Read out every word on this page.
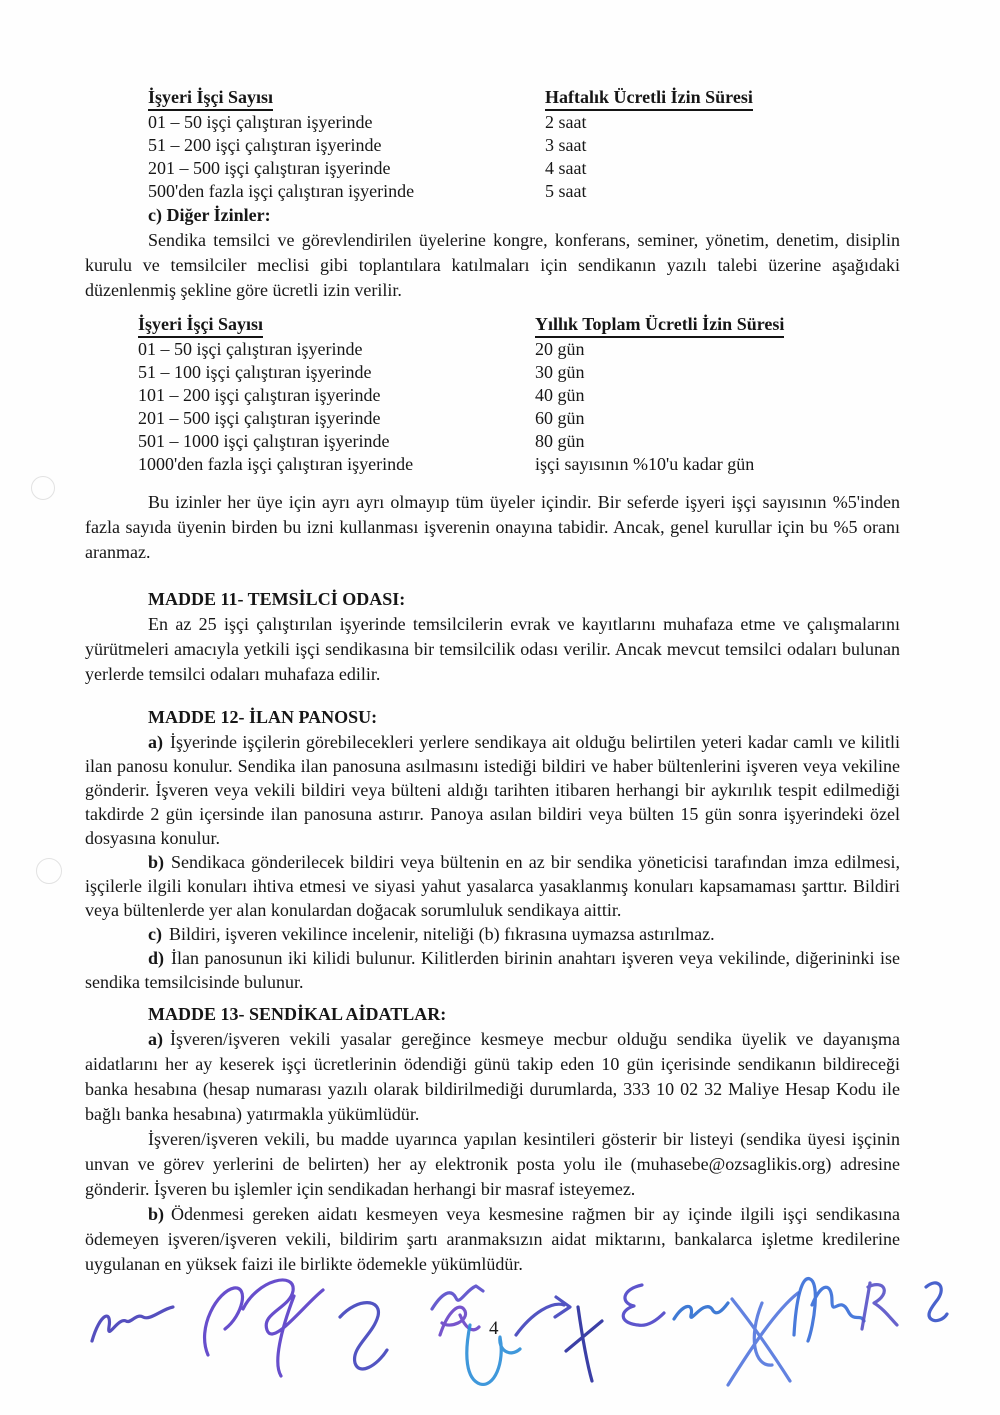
İşyeri İşçi Sayısı	Haftalık Ücretli İzin Süresi
01 – 50 işçi çalıştıran işyerinde	2 saat
51 – 200 işçi çalıştıran işyerinde	3 saat
201 – 500 işçi çalıştıran işyerinde	4 saat
500'den fazla işçi çalıştıran işyerinde	5 saat

c) Diğer İzinler:

Sendika temsilci ve görevlendirilen üyelerine kongre, konferans, seminer, yönetim, denetim, disiplin kurulu ve temsilciler meclisi gibi toplantılara katılmaları için sendikanın yazılı talebi üzerine aşağıdaki düzenlenmiş şekline göre ücretli izin verilir.

İşyeri İşçi Sayısı	Yıllık Toplam Ücretli İzin Süresi
01 – 50 işçi çalıştıran işyerinde	20 gün
51 – 100 işçi çalıştıran işyerinde	30 gün
101 – 200 işçi çalıştıran işyerinde	40 gün
201 – 500 işçi çalıştıran işyerinde	60 gün
501 – 1000 işçi çalıştıran işyerinde	80 gün
1000'den fazla işçi çalıştıran işyerinde	işçi sayısının %10'u kadar gün

Bu izinler her üye için ayrı ayrı olmayıp tüm üyeler içindir. Bir seferde işyeri işçi sayısının %5'inden fazla sayıda üyenin birden bu izni kullanması işverenin onayına tabidir. Ancak, genel kurullar için bu %5 oranı aranmaz.

MADDE 11- TEMSİLCİ ODASI:

En az 25 işçi çalıştırılan işyerinde temsilcilerin evrak ve kayıtlarını muhafaza etme ve çalışmalarını yürütmeleri amacıyla yetkili işçi sendikasına bir temsilcilik odası verilir. Ancak mevcut temsilci odaları bulunan yerlerde temsilci odaları muhafaza edilir.

MADDE 12- İLAN PANOSU:

a) İşyerinde işçilerin görebilecekleri yerlere sendikaya ait olduğu belirtilen yeteri kadar camlı ve kilitli ilan panosu konulur. Sendika ilan panosuna asılmasını istediği bildiri ve haber bültenlerini işveren veya vekiline gönderir. İşveren veya vekili bildiri veya bülteni aldığı tarihten itibaren herhangi bir aykırılık tespit edilmediği takdirde 2 gün içersinde ilan panosuna astırır. Panoya asılan bildiri veya bülten 15 gün sonra işyerindeki özel dosyasına konulur.

b) Sendikaca gönderilecek bildiri veya bültenin en az bir sendika yöneticisi tarafından imza edilmesi, işçilerle ilgili konuları ihtiva etmesi ve siyasi yahut yasalarca yasaklanmış konuları kapsamaması şarttır. Bildiri veya bültenlerde yer alan konulardan doğacak sorumluluk sendikaya aittir.

c) Bildiri, işveren vekilince incelenir, niteliği (b) fıkrasına uymazsa astırılmaz.

d) İlan panosunun iki kilidi bulunur. Kilitlerden birinin anahtarı işveren veya vekilinde, diğerininki ise sendika temsilcisinde bulunur.

MADDE 13- SENDİKAL AİDATLAR:

a) İşveren/işveren vekili yasalar gereğince kesmeye mecbur olduğu sendika üyelik ve dayanışma aidatlarını her ay keserek işçi ücretlerinin ödendiği günü takip eden 10 gün içerisinde sendikanın bildireceği banka hesabına (hesap numarası yazılı olarak bildirilmediği durumlarda, 333 10 02 32 Maliye Hesap Kodu ile bağlı banka hesabına) yatırmakla yükümlüdür.

İşveren/işveren vekili, bu madde uyarınca yapılan kesintileri gösterir bir listeyi (sendika üyesi işçinin unvan ve görev yerlerini de belirten) her ay elektronik posta yolu ile (muhasebe@ozsaglikis.org) adresine gönderir. İşveren bu işlemler için sendikadan herhangi bir masraf isteyemez.

b) Ödenmesi gereken aidatı kesmeyen veya kesmesine rağmen bir ay içinde ilgili işçi sendikasına ödemeyen işveren/işveren vekili, bildirim şartı aranmaksızın aidat miktarını, bankalarca işletme kredilerine uygulanan en yüksek faizi ile birlikte ödemekle yükümlüdür.

4
